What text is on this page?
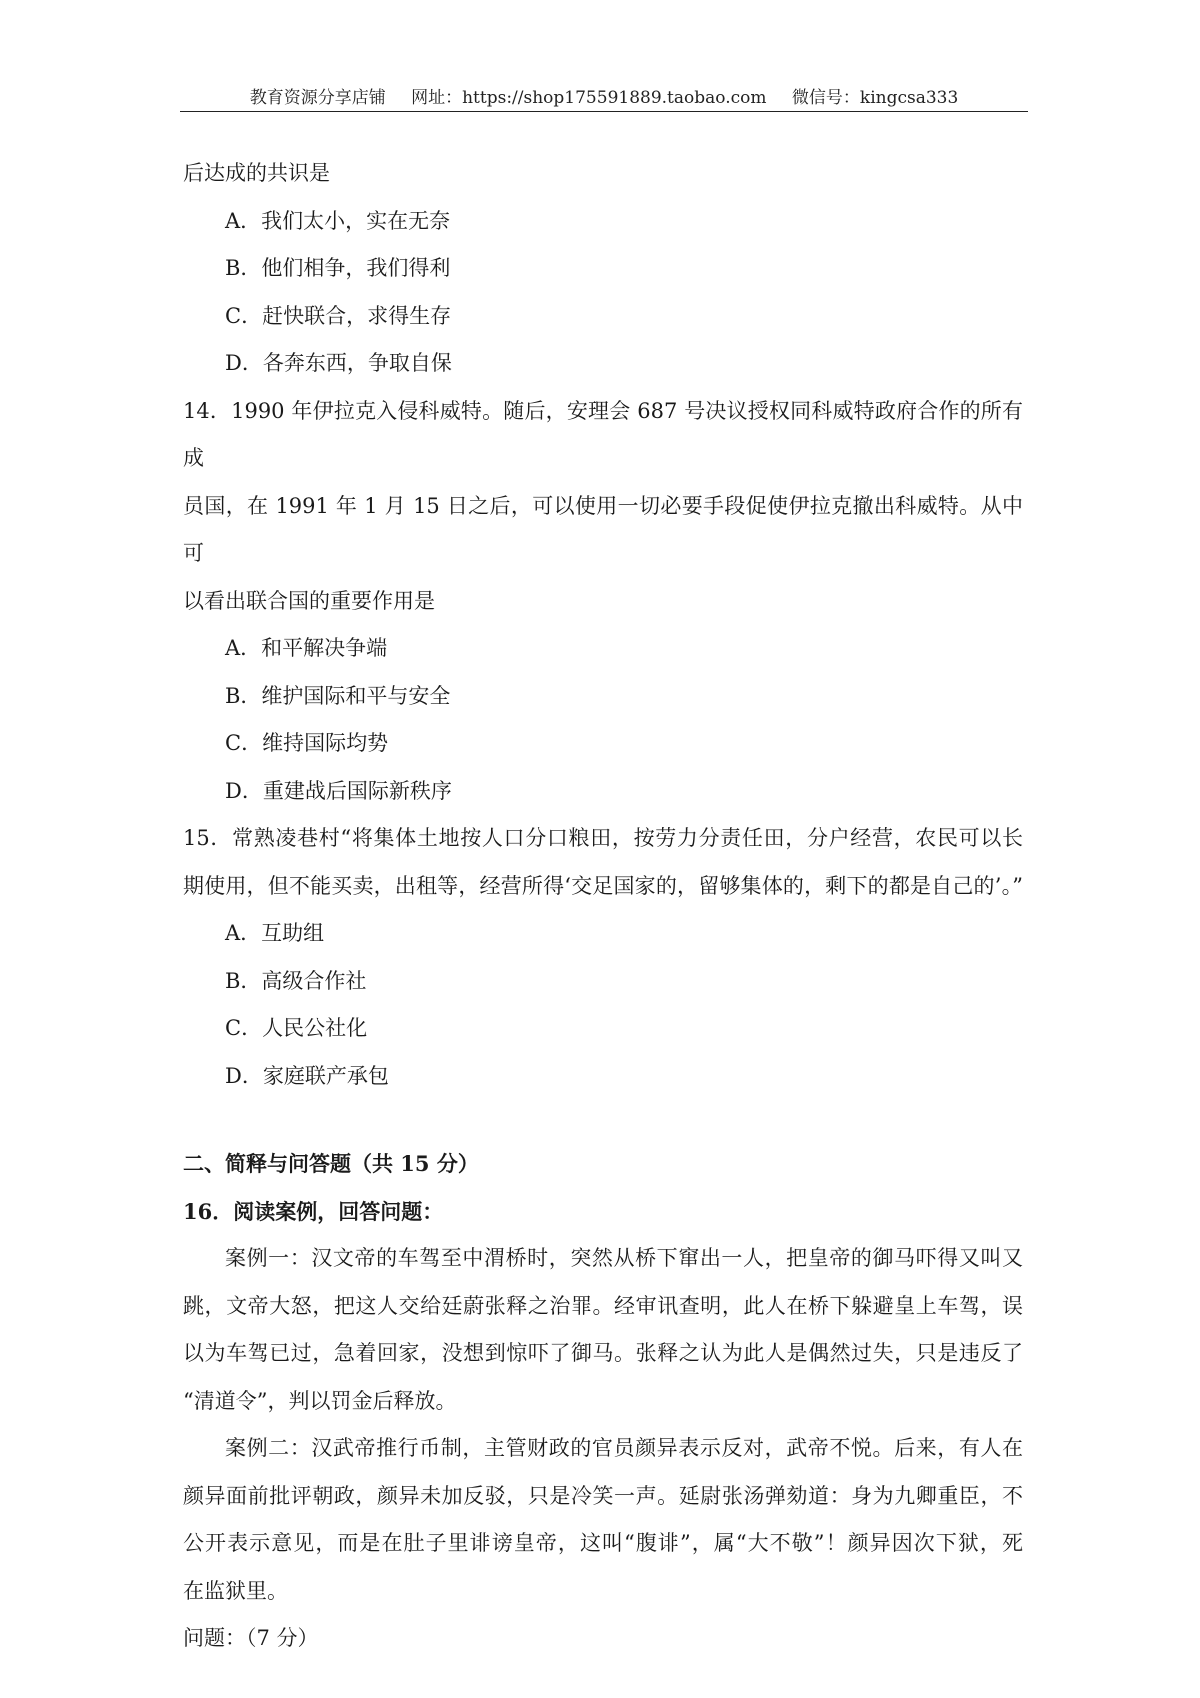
教育资源分享店铺 网址：https://shop175591889.taobao.com 微信号：kingcsa333
后达成的共识是
A．我们太小，实在无奈
B．他们相争，我们得利
C．赶快联合，求得生存
D．各奔东西，争取自保
14．1990 年伊拉克入侵科威特。随后，安理会 687 号决议授权同科威特政府合作的所有成
员国，在 1991 年 1 月 15 日之后，可以使用一切必要手段促使伊拉克撤出科威特。从中可
以看出联合国的重要作用是
A．和平解决争端
B．维护国际和平与安全
C．维持国际均势
D．重建战后国际新秩序
15．常熟凌巷村“将集体土地按人口分口粮田，按劳力分责任田，分户经营，农民可以长
期使用，但不能买卖，出租等，经营所得‘交足国家的，留够集体的，剩下的都是自己的’。”
A．互助组
B．高级合作社
C．人民公社化
D．家庭联产承包
二、简释与问答题（共 15 分）
16．阅读案例，回答问题：
案例一：汉文帝的车驾至中渭桥时，突然从桥下窜出一人，把皇帝的御马吓得又叫又
跳，文帝大怒，把这人交给廷蔚张释之治罪。经审讯查明，此人在桥下躲避皇上车驾，误
以为车驾已过，急着回家，没想到惊吓了御马。张释之认为此人是偶然过失，只是违反了
“清道令”，判以罚金后释放。
案例二：汉武帝推行币制，主管财政的官员颜异表示反对，武帝不悦。后来，有人在
颜异面前批评朝政，颜异未加反驳，只是冷笑一声。延尉张汤弹劾道：身为九卿重臣，不
公开表示意见，而是在肚子里诽谤皇帝，这叫“腹诽”，属“大不敬”！颜异因次下狱，死
在监狱里。
问题：（7 分）
